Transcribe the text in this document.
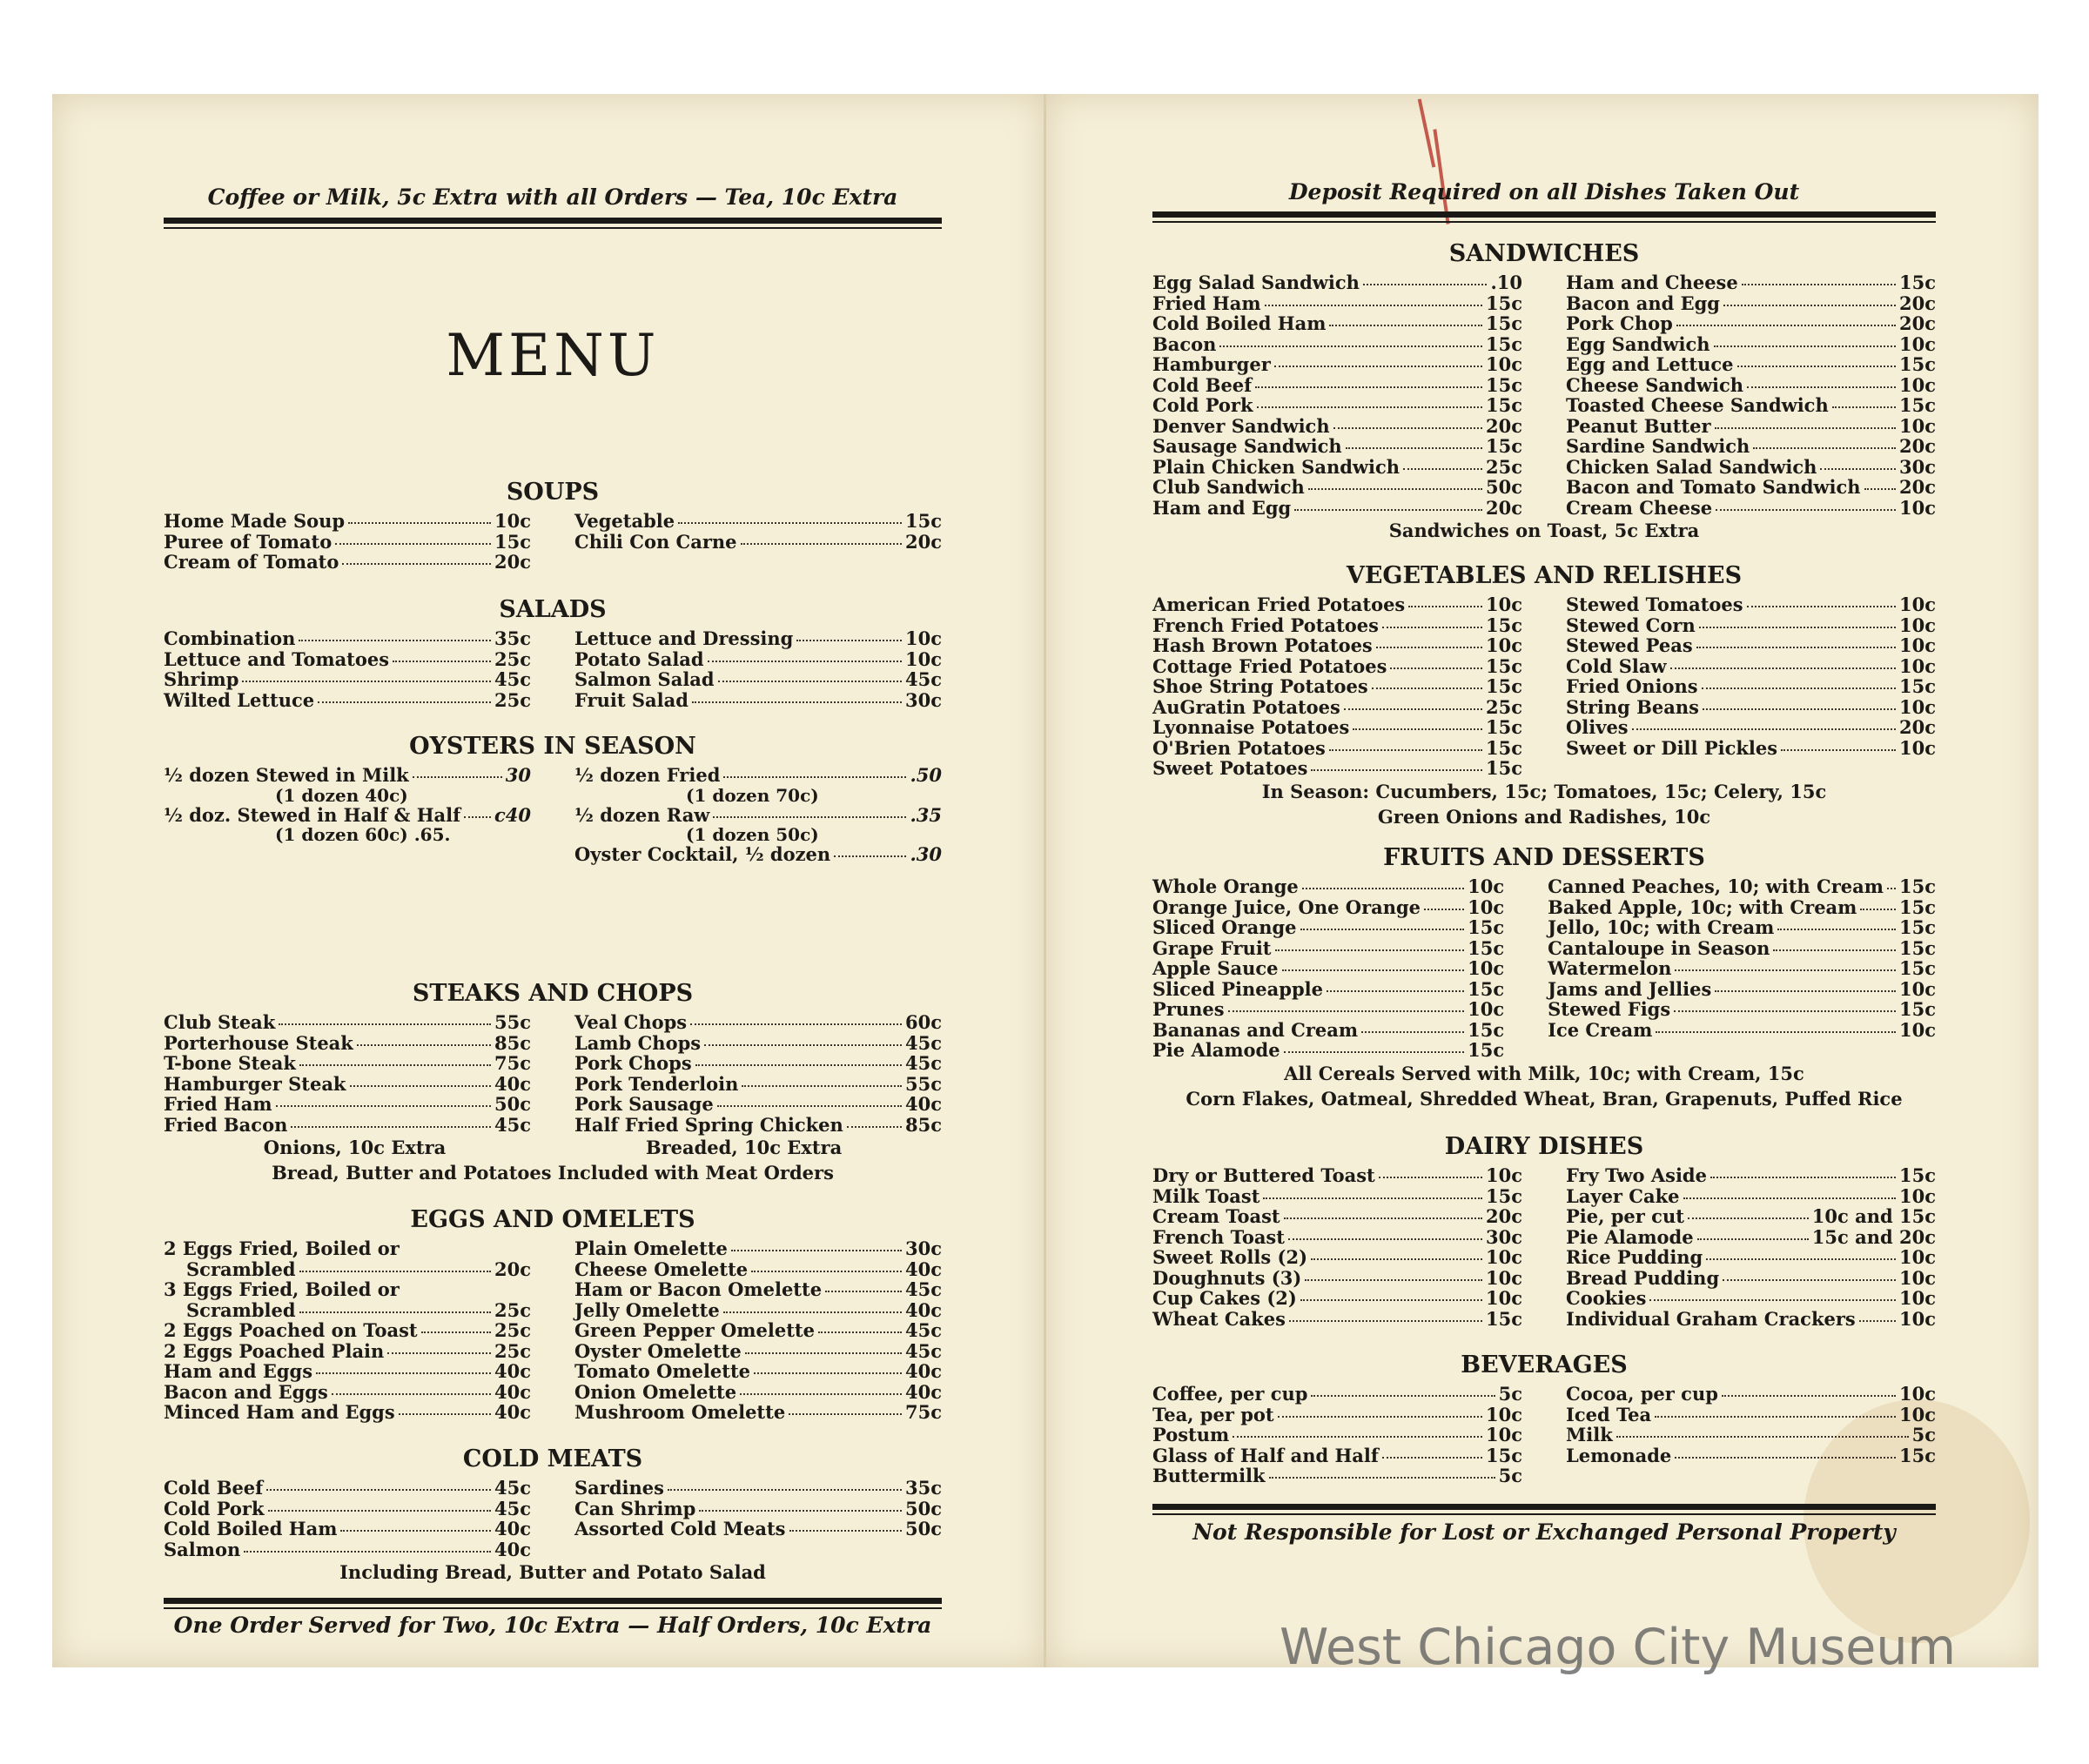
Coffee or Milk, 5c Extra with all Orders — Tea, 10c Extra
MENU
SOUPS
Home Made Soup	10c
Puree of Tomato	15c
Cream of Tomato	20c
Vegetable	15c
Chili Con Carne	20c
SALADS
Combination	35c
Lettuce and Tomatoes	25c
Shrimp	45c
Wilted Lettuce	25c
Lettuce and Dressing	10c
Potato Salad	10c
Salmon Salad	45c
Fruit Salad	30c
OYSTERS IN SEASON
½ dozen Stewed in Milk	30
(1 dozen 40c)
½ doz. Stewed in Half & Half c40
(1 dozen 60c) .65.
½ dozen Fried	.50
(1 dozen 70c)
½ dozen Raw	.35
(1 dozen 50c)
Oyster Cocktail, ½ dozen	.30
STEAKS AND CHOPS
Club Steak	55c
Porterhouse Steak	85c
T-bone Steak	75c
Hamburger Steak	40c
Fried Ham	50c
Fried Bacon	45c
Veal Chops	60c
Lamb Chops	45c
Pork Chops	45c
Pork Tenderloin	55c
Pork Sausage	40c
Half Fried Spring Chicken	85c
Onions, 10c Extra	Breaded, 10c Extra
Bread, Butter and Potatoes Included with Meat Orders
EGGS AND OMELETS
2 Eggs Fried, Boiled or
Scrambled	20c
3 Eggs Fried, Boiled or
Scrambled	25c
2 Eggs Poached on Toast	25c
2 Eggs Poached Plain	25c
Ham and Eggs	40c
Bacon and Eggs	40c
Minced Ham and Eggs	40c
Plain Omelette	30c
Cheese Omelette	40c
Ham or Bacon Omelette	45c
Jelly Omelette	40c
Green Pepper Omelette	45c
Oyster Omelette	45c
Tomato Omelette	40c
Onion Omelette	40c
Mushroom Omelette	75c
COLD MEATS
Cold Beef	45c
Cold Pork	45c
Cold Boiled Ham	40c
Salmon	40c
Sardines	35c
Can Shrimp	50c
Assorted Cold Meats	50c
Including Bread, Butter and Potato Salad
One Order Served for Two, 10c Extra — Half Orders, 10c Extra
Deposit Required on all Dishes Taken Out
SANDWICHES
Egg Salad Sandwich	.10
Fried Ham	15c
Cold Boiled Ham	15c
Bacon	15c
Hamburger	10c
Cold Beef	15c
Cold Pork	15c
Denver Sandwich	20c
Sausage Sandwich	15c
Plain Chicken Sandwich	25c
Club Sandwich	50c
Ham and Egg	20c
Ham and Cheese	15c
Bacon and Egg	20c
Pork Chop	20c
Egg Sandwich	10c
Egg and Lettuce	15c
Cheese Sandwich	10c
Toasted Cheese Sandwich	15c
Peanut Butter	10c
Sardine Sandwich	20c
Chicken Salad Sandwich	30c
Bacon and Tomato Sandwich 20c
Cream Cheese	10c
Sandwiches on Toast, 5c Extra
VEGETABLES AND RELISHES
American Fried Potatoes	10c
French Fried Potatoes	15c
Hash Brown Potatoes	10c
Cottage Fried Potatoes	15c
Shoe String Potatoes	15c
AuGratin Potatoes	25c
Lyonnaise Potatoes	15c
O'Brien Potatoes	15c
Sweet Potatoes	15c
Stewed Tomatoes	10c
Stewed Corn	10c
Stewed Peas	10c
Cold Slaw	10c
Fried Onions	15c
String Beans	10c
Olives	20c
Sweet or Dill Pickles	10c
In Season: Cucumbers, 15c; Tomatoes, 15c; Celery, 15c
Green Onions and Radishes, 10c
FRUITS AND DESSERTS
Whole Orange	10c
Orange Juice, One Orange	10c
Sliced Orange	15c
Grape Fruit	15c
Apple Sauce	10c
Sliced Pineapple	15c
Prunes	10c
Bananas and Cream	15c
Pie Alamode	15c
Canned Peaches, 10; with Cream 15c
Baked Apple, 10c; with Cream 15c
Jello, 10c; with Cream	15c
Cantaloupe in Season	15c
Watermelon	15c
Jams and Jellies	10c
Stewed Figs	15c
Ice Cream	10c
All Cereals Served with Milk, 10c; with Cream, 15c
Corn Flakes, Oatmeal, Shredded Wheat, Bran, Grapenuts, Puffed Rice
DAIRY DISHES
Dry or Buttered Toast	10c
Milk Toast	15c
Cream Toast	20c
French Toast	30c
Sweet Rolls (2)	10c
Doughnuts (3)	10c
Cup Cakes (2)	10c
Wheat Cakes	15c
Fry Two Aside	15c
Layer Cake	10c
Pie, per cut	10c and 15c
Pie Alamode	15c and 20c
Rice Pudding	10c
Bread Pudding	10c
Cookies	10c
Individual Graham Crackers 10c
BEVERAGES
Coffee, per cup	5c
Tea, per pot	10c
Postum	10c
Glass of Half and Half	15c
Buttermilk	5c
Cocoa, per cup	10c
Iced Tea	10c
Milk	5c
Lemonade	15c
Not Responsible for Lost or Exchanged Personal Property
West Chicago City Museum
